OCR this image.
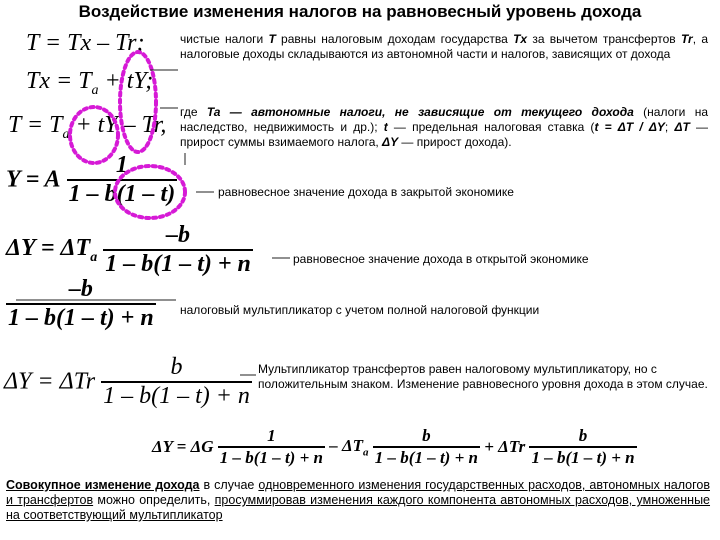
Воздействие изменения налогов на равновесный уровень дохода
T = Tx – Tr;
$Tx = T_a$ + tY;
$T = T_a$ + tY – Tr,
чистые налоги T равны налоговым доходам государства Tx за вычетом трансфертов Tr, а налоговые доходы складываются из автономной части и налогов, зависящих от дохода
где Ta — автономные налоги, не зависящие от текущего дохода (налоги на наследство, недвижимость и др.); t — предельная налоговая ставка (t = ΔT / ΔY; ΔT — прирост суммы взимаемого налога, ΔY — прирост дохода).
Y = A $\frac{1}{1 - b(1 - t)}$	равновесное значение дохода в закрытой экономике
$\Delta Y = \Delta T_a \frac{-b}{1 - b(1 - t) + n}$	равновесное значение дохода в открытой экономике
$\frac{-b}{1 - b(1 - t) + n}$ налоговый мультипликатор с учетом полной налоговой функции
ΔY = ΔTr $\frac{b}{1 - b(1 - t) + n}$ Мультипликатор трансфертов равен налоговому мультипликатору, но с положительным знаком. Изменение равновесного уровня дохода в этом случае.
ΔY = ΔG $\frac{1}{1 - b(1 - t) + n} - \Delta T_a \frac{b}{1 - b(1 - t) + n} + \Delta Tr \frac{b}{1 - b(1 - t) + n}$
Совокупное изменение дохода в случае одновременного изменения государственных расходов, автономных налогов и трансфертов можно определить, просуммировав изменения каждого компонента автономных расходов, умноженные на соответствующий мультипликатор
